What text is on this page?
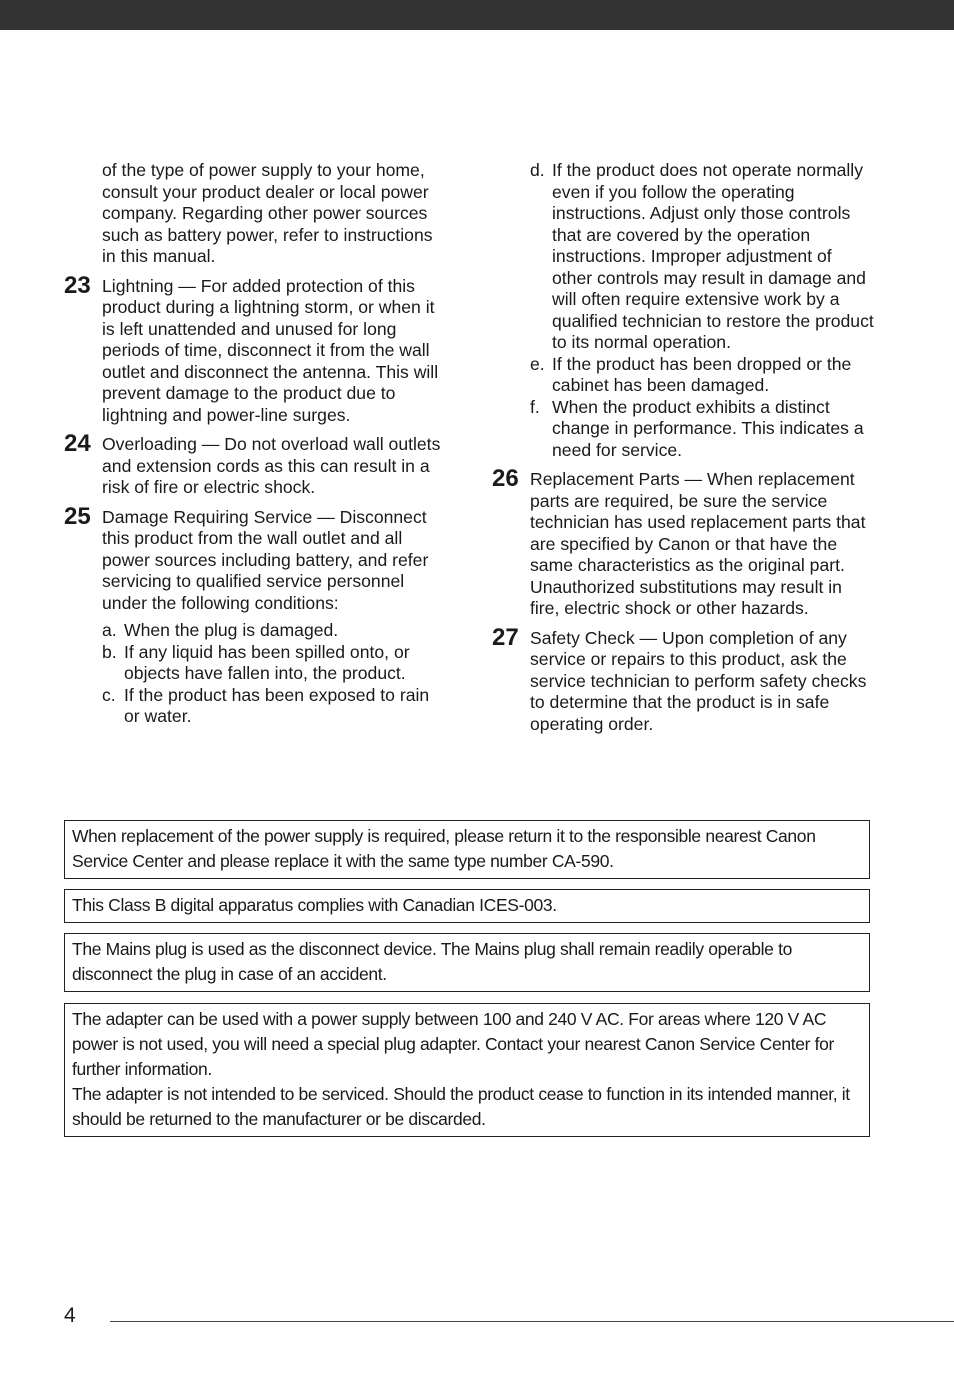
of the type of power supply to your home, consult your product dealer or local power company. Regarding other power sources such as battery power, refer to instructions in this manual.

23 Lightning — For added protection of this product during a lightning storm, or when it is left unattended and unused for long periods of time, disconnect it from the wall outlet and disconnect the antenna. This will prevent damage to the product due to lightning and power-line surges.
24 Overloading — Do not overload wall outlets and extension cords as this can result in a risk of fire or electric shock.
25 Damage Requiring Service — Disconnect this product from the wall outlet and all power sources including battery, and refer servicing to qualified service personnel under the following conditions:
a. When the plug is damaged.
b. If any liquid has been spilled onto, or objects have fallen into, the product.
c. If the product has been exposed to rain or water.
d. If the product does not operate normally even if you follow the operating instructions. Adjust only those controls that are covered by the operation instructions. Improper adjustment of other controls may result in damage and will often require extensive work by a qualified technician to restore the product to its normal operation.
e. If the product has been dropped or the cabinet has been damaged.
f. When the product exhibits a distinct change in performance. This indicates a need for service.
26 Replacement Parts — When replacement parts are required, be sure the service technician has used replacement parts that are specified by Canon or that have the same characteristics as the original part. Unauthorized substitutions may result in fire, electric shock or other hazards.
27 Safety Check — Upon completion of any service or repairs to this product, ask the service technician to perform safety checks to determine that the product is in safe operating order.

When replacement of the power supply is required, please return it to the responsible nearest Canon Service Center and please replace it with the same type number CA-590.

This Class B digital apparatus complies with Canadian ICES-003.

The Mains plug is used as the disconnect device. The Mains plug shall remain readily operable to disconnect the plug in case of an accident.

The adapter can be used with a power supply between 100 and 240 V AC. For areas where 120 V AC power is not used, you will need a special plug adapter. Contact your nearest Canon Service Center for further information.

The adapter is not intended to be serviced. Should the product cease to function in its intended manner, it should be returned to the manufacturer or be discarded.

4
